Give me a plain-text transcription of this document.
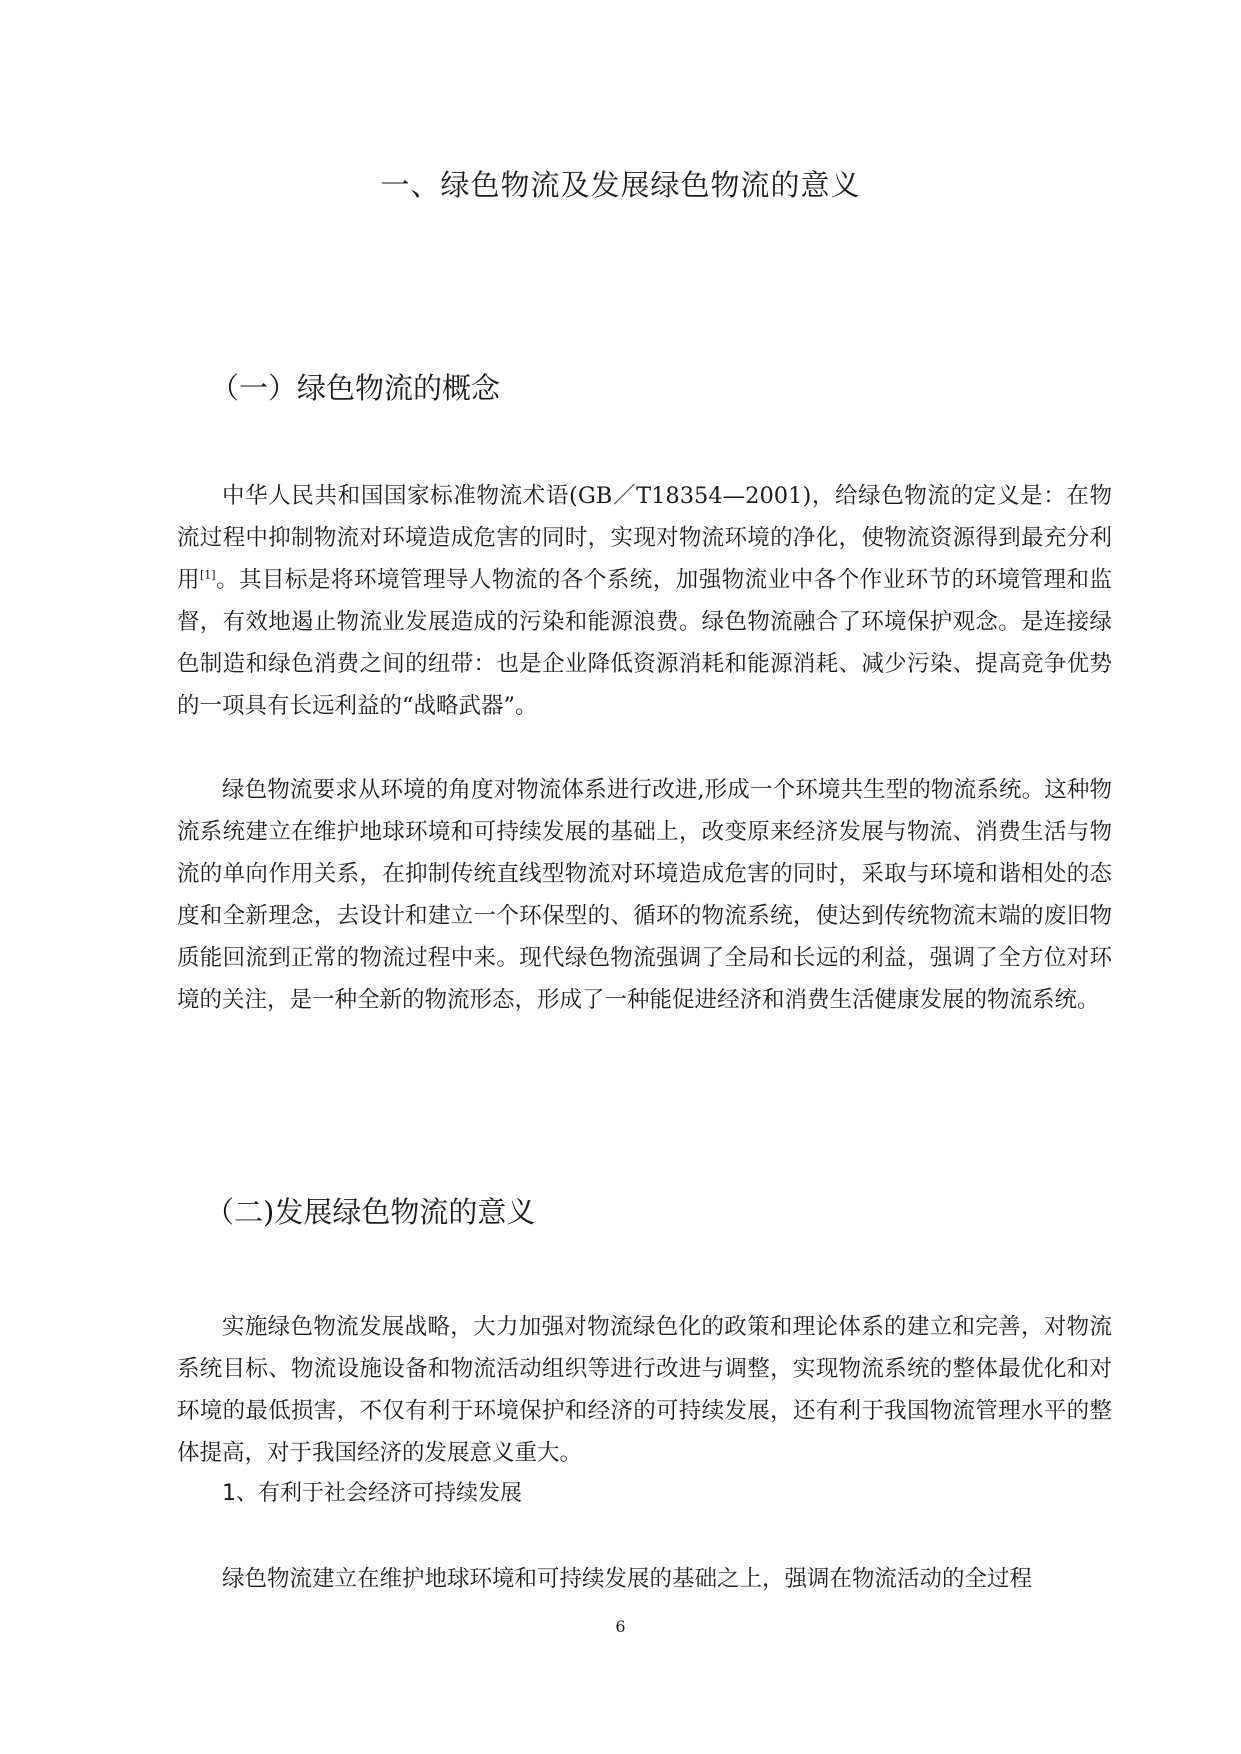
一、绿色物流及发展绿色物流的意义
（一）绿色物流的概念

中华人民共和国国家标准物流术语(GB／T18354—2001)，给绿色物流的定义是：在物流过程中抑制物流对环境造成危害的同时，实现对物流环境的净化，使物流资源得到最充分利用[1]。其目标是将环境管理导人物流的各个系统，加强物流业中各个作业环节的环境管理和监督，有效地遏止物流业发展造成的污染和能源浪费。绿色物流融合了环境保护观念。是连接绿色制造和绿色消费之间的纽带：也是企业降低资源消耗和能源消耗、减少污染、提高竞争优势的一项具有长远利益的“战略武器”。

绿色物流要求从环境的角度对物流体系进行改进,形成一个环境共生型的物流系统。这种物流系统建立在维护地球环境和可持续发展的基础上，改变原来经济发展与物流、消费生活与物流的单向作用关系，在抑制传统直线型物流对环境造成危害的同时，采取与环境和谐相处的态度和全新理念，去设计和建立一个环保型的、循环的物流系统，使达到传统物流末端的废旧物质能回流到正常的物流过程中来。现代绿色物流强调了全局和长远的利益，强调了全方位对环境的关注，是一种全新的物流形态，形成了一种能促进经济和消费生活健康发展的物流系统。

（二)发展绿色物流的意义

实施绿色物流发展战略，大力加强对物流绿色化的政策和理论体系的建立和完善，对物流系统目标、物流设施设备和物流活动组织等进行改进与调整，实现物流系统的整体最优化和对环境的最低损害，不仅有利于环境保护和经济的可持续发展，还有利于我国物流管理水平的整体提高，对于我国经济的发展意义重大。

1、有利于社会经济可持续发展

绿色物流建立在维护地球环境和可持续发展的基础之上，强调在物流活动的全过程

6
